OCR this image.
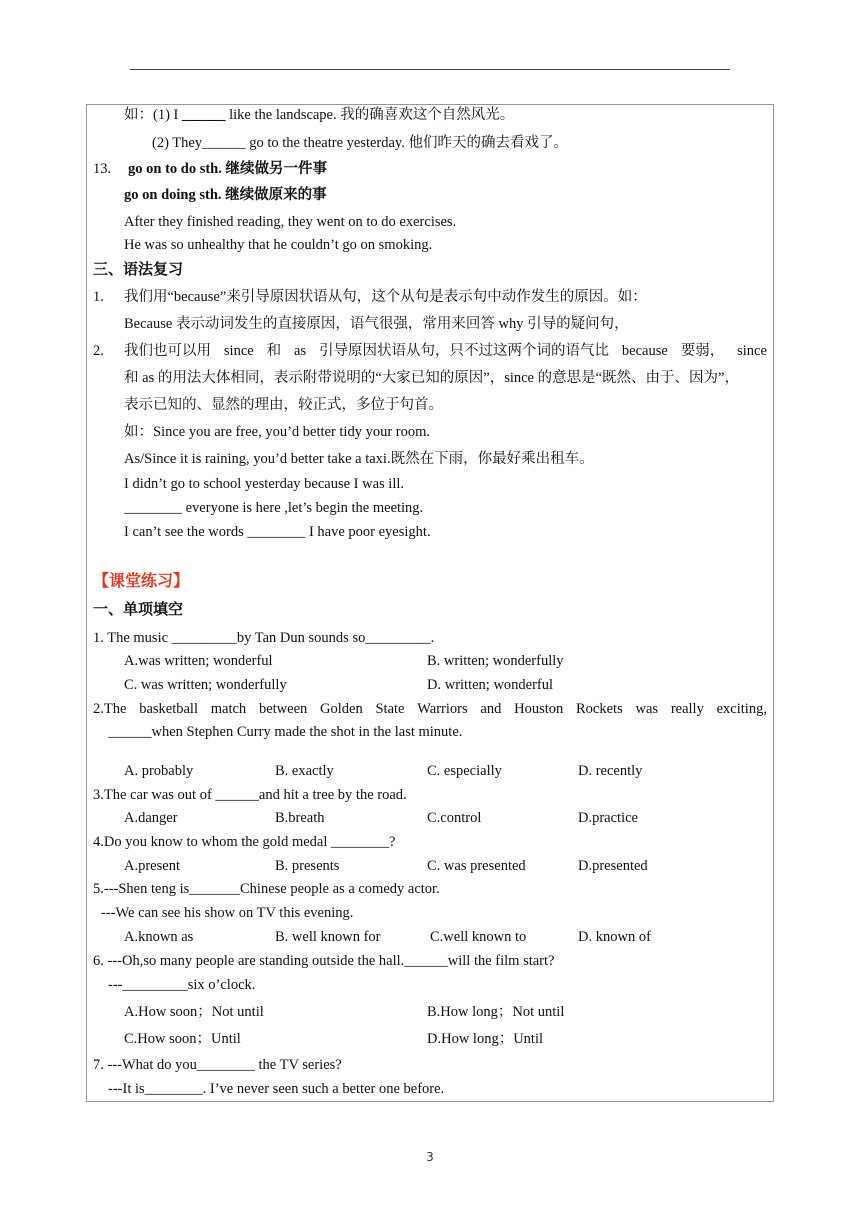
如：(1) I ______ like the landscape. 我的确喜欢这个自然风光。
(2) They______ go to the theatre yesterday. 他们昨天的确去看戏了。
13. go on to do sth. 继续做另一件事
go on doing sth. 继续做原来的事
After they finished reading, they went on to do exercises.
He was so unhealthy that he couldn’t go on smoking.
三、语法复习
1. 我们用“because”来引导原因状语从句，这个从句是表示句中动作发生的原因。如：
Because 表示动词发生的直接原因，语气很强，常用来回答 why 引导的疑问句，
2. 我们也可以用 since 和 as 引导原因状语从句，只不过这两个词的语气比 because 要弱， since
和 as 的用法大体相同，表示附带说明的“大家已知的原因”，since 的意思是“既然、由于、因为”，
表示已知的、显然的理由，较正式，多位于句首。
如：Since you are free, you’d better tidy your room.
As/Since it is raining, you’d better take a taxi.既然在下雨，你最好乘出租车。
I didn’t go to school yesterday because I was ill.
________ everyone is here ,let’s begin the meeting.
I can’t see the words ________ I have poor eyesight.
【课堂练习】
一、单项填空
1. The music _________by Tan Dun sounds so_________.
A.was written; wonderful	B. written; wonderfully
C. was written; wonderfully	D. written; wonderful
2.The basketball match between Golden State Warriors and Houston Rockets was really exciting,
______when Stephen Curry made the shot in the last minute.
A. probably	B. exactly	C. especially	D. recently
3.The car was out of ______and hit a tree by the road.
A.danger	B.breath	C.control	D.practice
4.Do you know to whom the gold medal ________?
A.present	B. presents	C. was presented	D.presented
5.---Shen teng is_______Chinese people as a comedy actor.
---We can see his show on TV this evening.
A.known as	B. well known for	C.well known to	D. known of
6. ---Oh,so many people are standing outside the hall.______will the film start?
---_________six o’clock.
A.How soon；Not until	B.How long；Not until
C.How soon；Until	D.How long；Until
7. ---What do you________ the TV series?
---It is________. I’ve never seen such a better one before.
3
